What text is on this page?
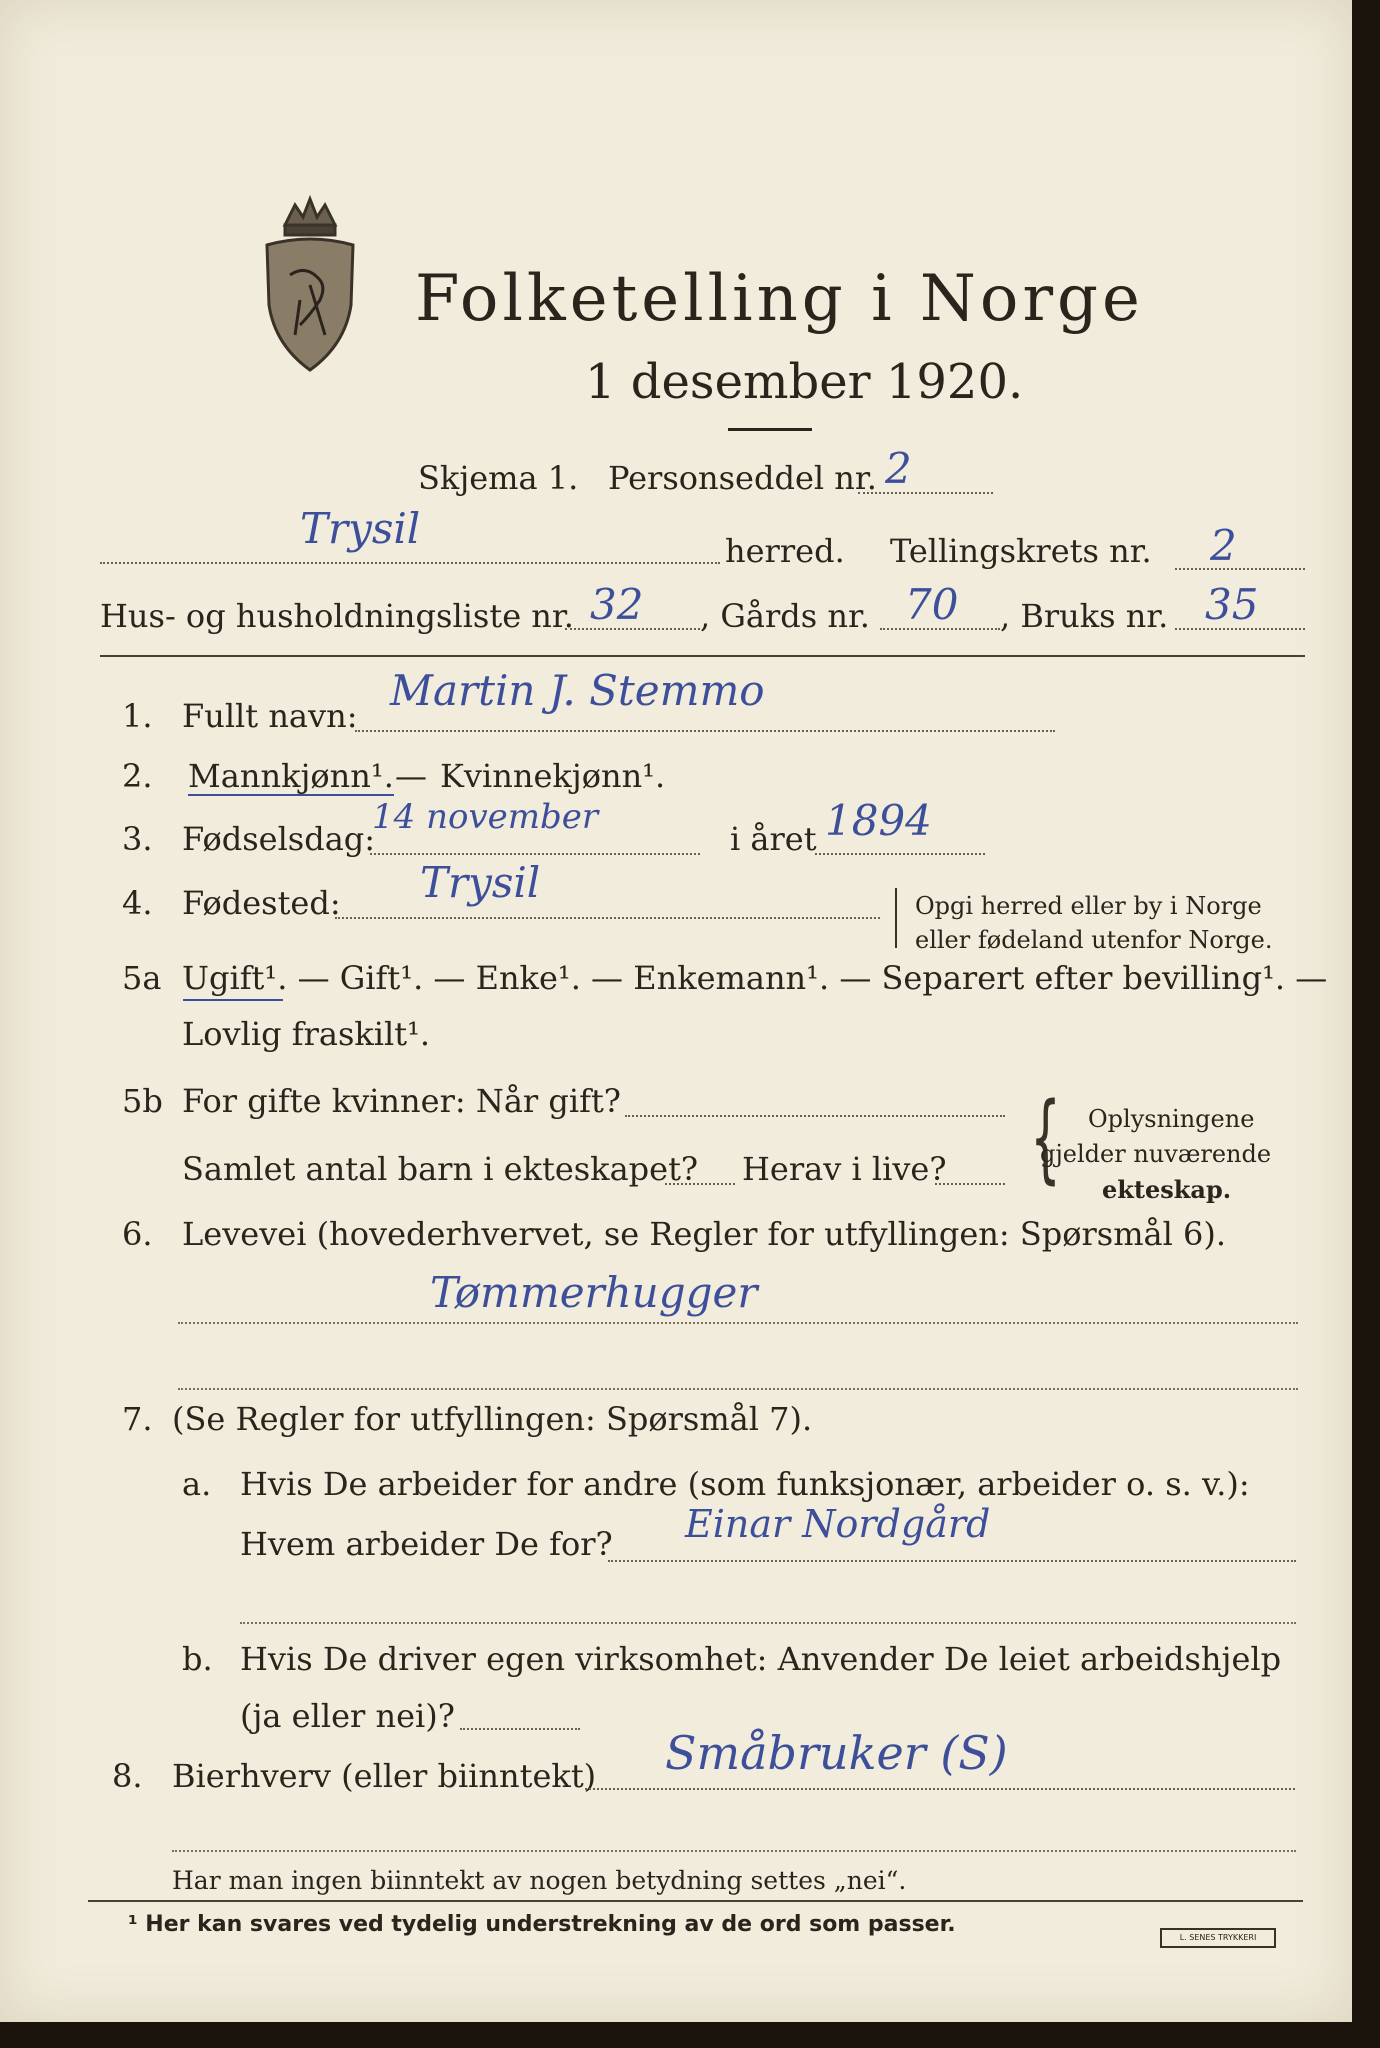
Folketelling i Norge
1 desember 1920.
Skjema 1. Personseddel nr. 2
Trysil	herred. Tellingskrets nr. 2
Hus- og husholdningsliste nr. 32 , Gårds nr. 70 , Bruks nr. 35
1. Fullt navn:
Martin J. Stemmo
2. Mannkjønn¹. — Kvinnekjønn¹.
3. Fødselsdag:
14 november
i året 1894
4. Fødested: Trysil	Opgi herred eller by i Norge
eller fødeland utenfor Norge.
5a Ugift¹. — Gift¹. — Enke¹. — Enkemann¹. — Separert efter bevilling¹. —
Lovlig fraskilt¹.
5b For gifte kvinner: Når gift?
Samlet antal barn i ekteskapet? Herav i live? { Oplysningene
gjelder nuværende
ekteskap.
6. Levevei (hovederhvervet, se Regler for utfyllingen: Spørsmål 6).
Tømmerhugger
7. (Se Regler for utfyllingen: Spørsmål 7).
a. Hvis De arbeider for andre (som funksjonær, arbeider o. s. v.):
Hvem arbeider De for? Einar Nordgård
b. Hvis De driver egen virksomhet: Anvender De leiet arbeidshjelp
(ja eller nei)?
8. Bierhverv (eller biinntekt) Småbruker (S)
Har man ingen biinntekt av nogen betydning settes „nei“.
¹ Her kan svares ved tydelig understrekning av de ord som passer.
L. SENES TRYKKERI
